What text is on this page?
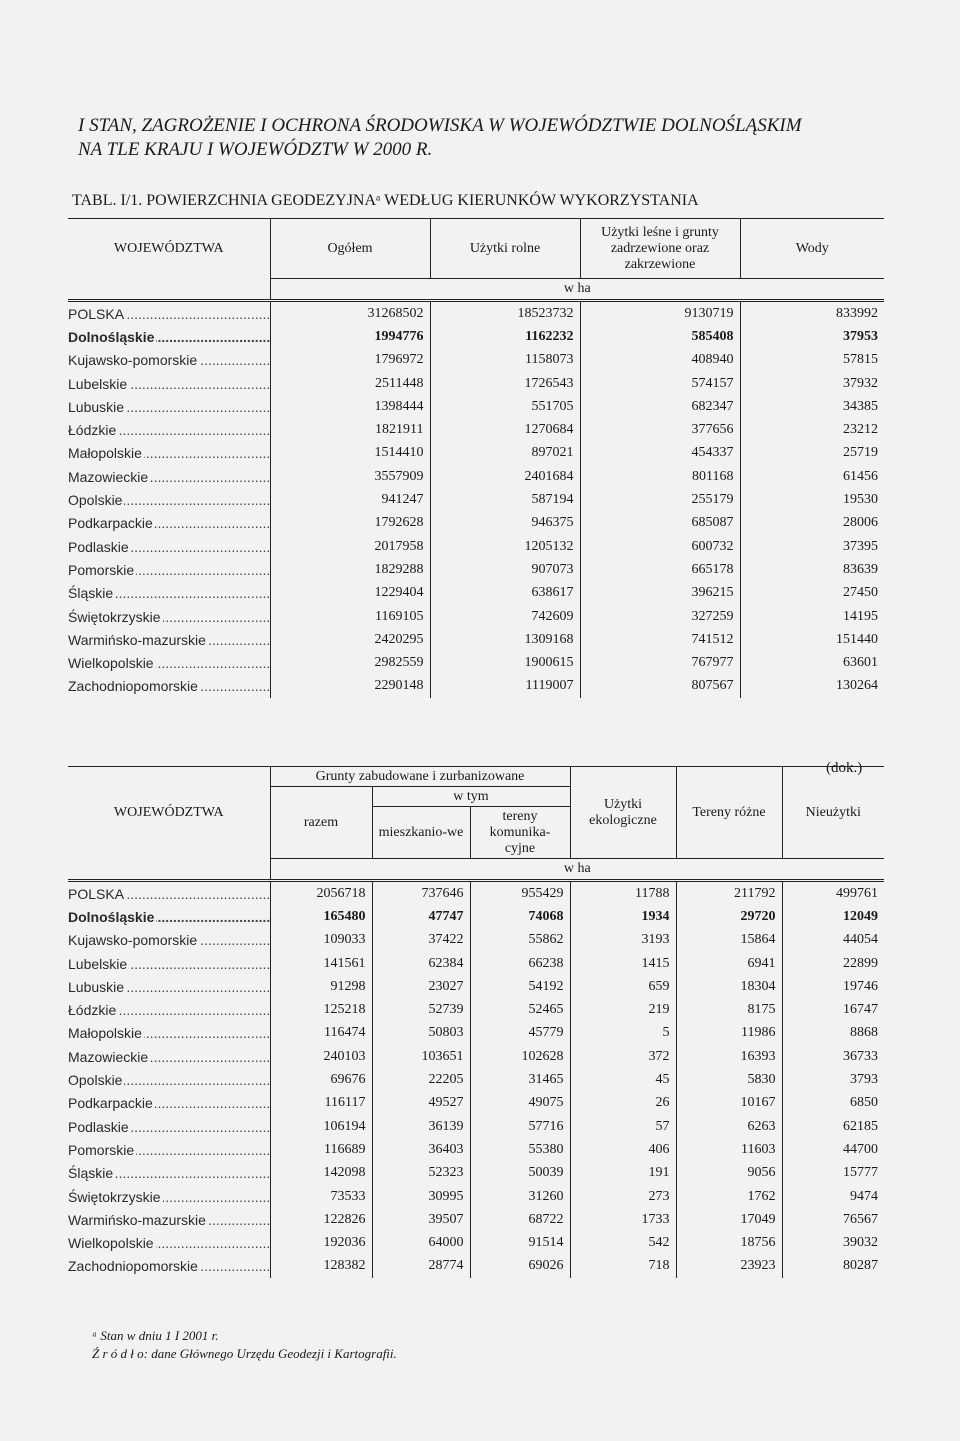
I STAN, ZAGROŻENIE I OCHRONA ŚRODOWISKA W WOJEWÓDZTWIE DOLNOŚLĄSKIM
NA TLE KRAJU I WOJEWÓDZTW W 2000 R.
TABL. I/1. POWIERZCHNIA GEODEZYJNAᵃ WEDŁUG KIERUNKÓW WYKORZYSTANIA
WOJEWÓDZTWA	Ogółem	Użytki rolne	Użytki leśne i grunty zadrzewione oraz zakrzewione	Wody
	w ha			
POLSKA .....	31268502	18523732	9130719	833992
Dolnośląskie .....	1994776	1162232	585408	37953
Kujawsko-pomorskie .....	1796972	1158073	408940	57815
Lubelskie .....	2511448	1726543	574157	37932
Lubuskie .....	1398444	551705	682347	34385
Łódzkie .....	1821911	1270684	377656	23212
Małopolskie .....	1514410	897021	454337	25719
Mazowieckie .....	3557909	2401684	801168	61456
Opolskie .....	941247	587194	255179	19530
Podkarpackie .....	1792628	946375	685087	28006
Podlaskie .....	2017958	1205132	600732	37395
Pomorskie .....	1829288	907073	665178	83639
Śląskie .....	1229404	638617	396215	27450
Świętokrzyskie .....	1169105	742609	327259	14195
Warmińsko-mazurskie .....	2420295	1309168	741512	151440
Wielkopolskie .....	2982559	1900615	767977	63601
Zachodniopomorskie .....	2290148	1119007	807567	130264
(dok.)
WOJEWÓDZTWA	Grunty zabudowane i zurbanizowane			Użytki ekologiczne	Tereny różne	Nieużytki
	razem	w tym				
		mieszkanio-we	tereny komunika-cyjne			
	w ha					
POLSKA .....	2056718	737646	955429	11788	211792	499761
Dolnośląskie .....	165480	47747	74068	1934	29720	12049
Kujawsko-pomorskie .....	109033	37422	55862	3193	15864	44054
Lubelskie .....	141561	62384	66238	1415	6941	22899
Lubuskie .....	91298	23027	54192	659	18304	19746
Łódzkie .....	125218	52739	52465	219	8175	16747
Małopolskie .....	116474	50803	45779	5	11986	8868
Mazowieckie .....	240103	103651	102628	372	16393	36733
Opolskie .....	69676	22205	31465	45	5830	3793
Podkarpackie .....	116117	49527	49075	26	10167	6850
Podlaskie .....	106194	36139	57716	57	6263	62185
Pomorskie .....	116689	36403	55380	406	11603	44700
Śląskie .....	142098	52323	50039	191	9056	15777
Świętokrzyskie .....	73533	30995	31260	273	1762	9474
Warmińsko-mazurskie .....	122826	39507	68722	1733	17049	76567
Wielkopolskie .....	192036	64000	91514	542	18756	39032
Zachodniopomorskie .....	128382	28774	69026	718	23923	80287
ᵃ Stan w dniu 1 I 2001 r.
Ź r ó d ł o: dane Głównego Urzędu Geodezji i Kartografii.
